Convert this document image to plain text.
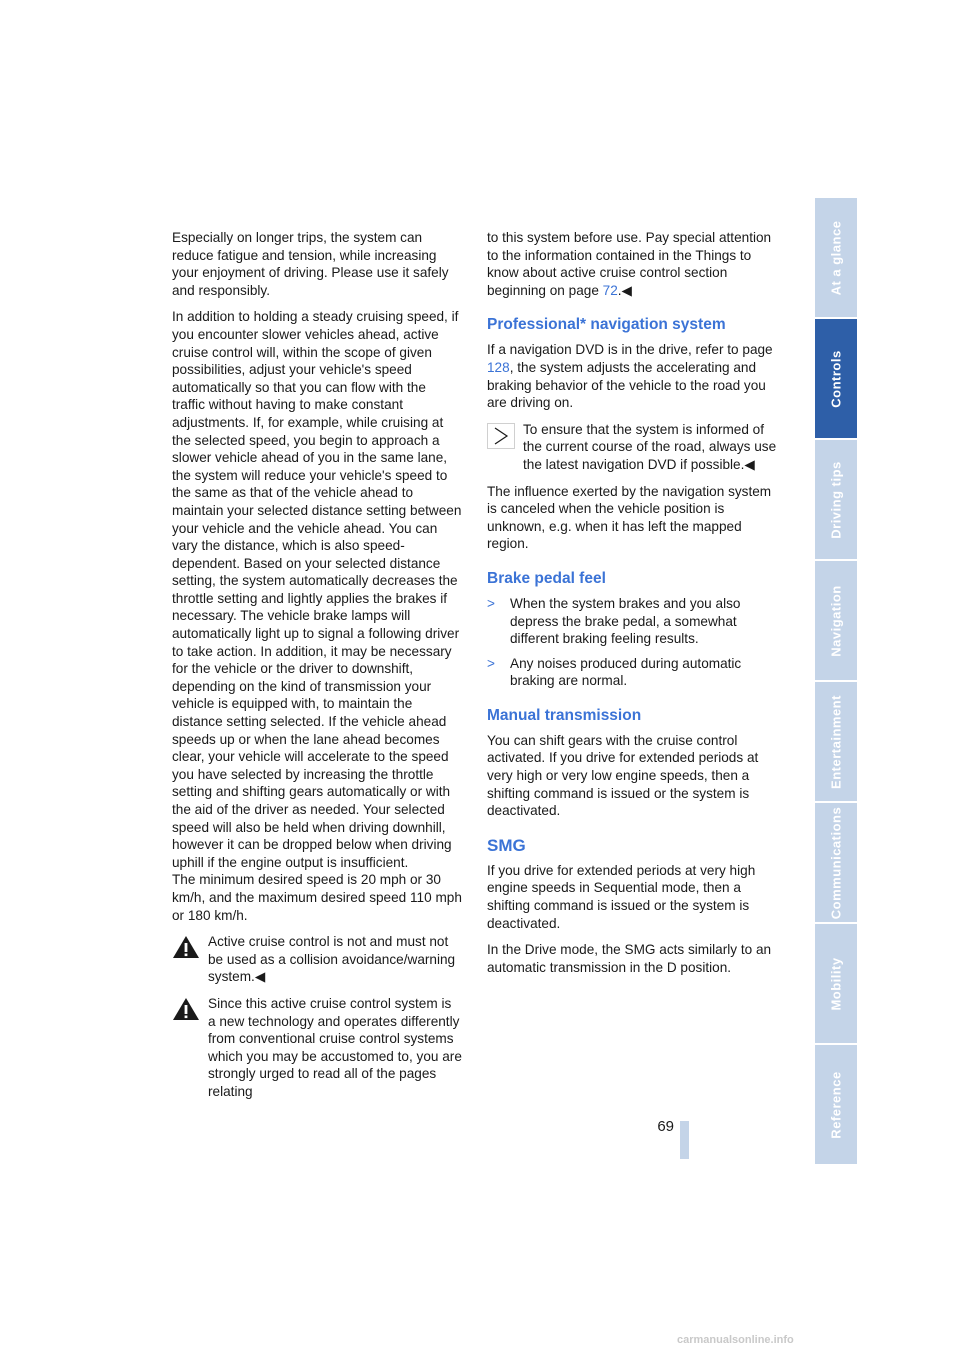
Especially on longer trips, the system can reduce fatigue and tension, while increasing your enjoyment of driving. Please use it safely and responsibly.

In addition to holding a steady cruising speed, if you encounter slower vehicles ahead, active cruise control will, within the scope of given possibilities, adjust your vehicle's speed automatically so that you can flow with the traffic without having to make constant adjustments. If, for example, while cruising at the selected speed, you begin to approach a slower vehicle ahead of you in the same lane, the system will reduce your vehicle's speed to the same as that of the vehicle ahead to maintain your selected distance setting between your vehicle and the vehicle ahead. You can vary the distance, which is also speed-dependent. Based on your selected distance setting, the system automatically decreases the throttle setting and lightly applies the brakes if necessary. The vehicle brake lamps will automatically light up to signal a following driver to take action. In addition, it may be necessary for the vehicle or the driver to downshift, depending on the kind of transmission your vehicle is equipped with, to maintain the distance setting selected. If the vehicle ahead speeds up or when the lane ahead becomes clear, your vehicle will accelerate to the speed you have selected by increasing the throttle setting and shifting gears automatically or with the aid of the driver as needed. Your selected speed will also be held when driving downhill, however it can be dropped below when driving uphill if the engine output is insufficient.

The minimum desired speed is 20 mph or 30 km/h, and the maximum desired speed 110 mph or 180 km/h.

Active cruise control is not and must not be used as a collision avoidance/warning system.◀
Since this active cruise control system is a new technology and operates differently from conventional cruise control systems which you may be accustomed to, you are strongly urged to read all of the pages relating

to this system before use. Pay special attention to the information contained in the Things to know about active cruise control section beginning on page 72.◀

Professional* navigation system

If a navigation DVD is in the drive, refer to page 128, the system adjusts the accelerating and braking behavior of the vehicle to the road you are driving on.

To ensure that the system is informed of the current course of the road, always use the latest navigation DVD if possible.◀

The influence exerted by the navigation system is canceled when the vehicle position is unknown, e.g. when it has left the mapped region.

Brake pedal feel
> When the system brakes and you also depress the brake pedal, a somewhat different braking feeling results.
> Any noises produced during automatic braking are normal.
Manual transmission

You can shift gears with the cruise control activated. If you drive for extended periods at very high or very low engine speeds, then a shifting command is issued or the system is deactivated.

SMG

If you drive for extended periods at very high engine speeds in Sequential mode, then a shifting command is issued or the system is deactivated.

In the Drive mode, the SMG acts similarly to an automatic transmission in the D position.

At a glance
Controls
Driving tips
Navigation
Entertainment
Communications
Mobility
Reference
69
carmanualsonline.info
